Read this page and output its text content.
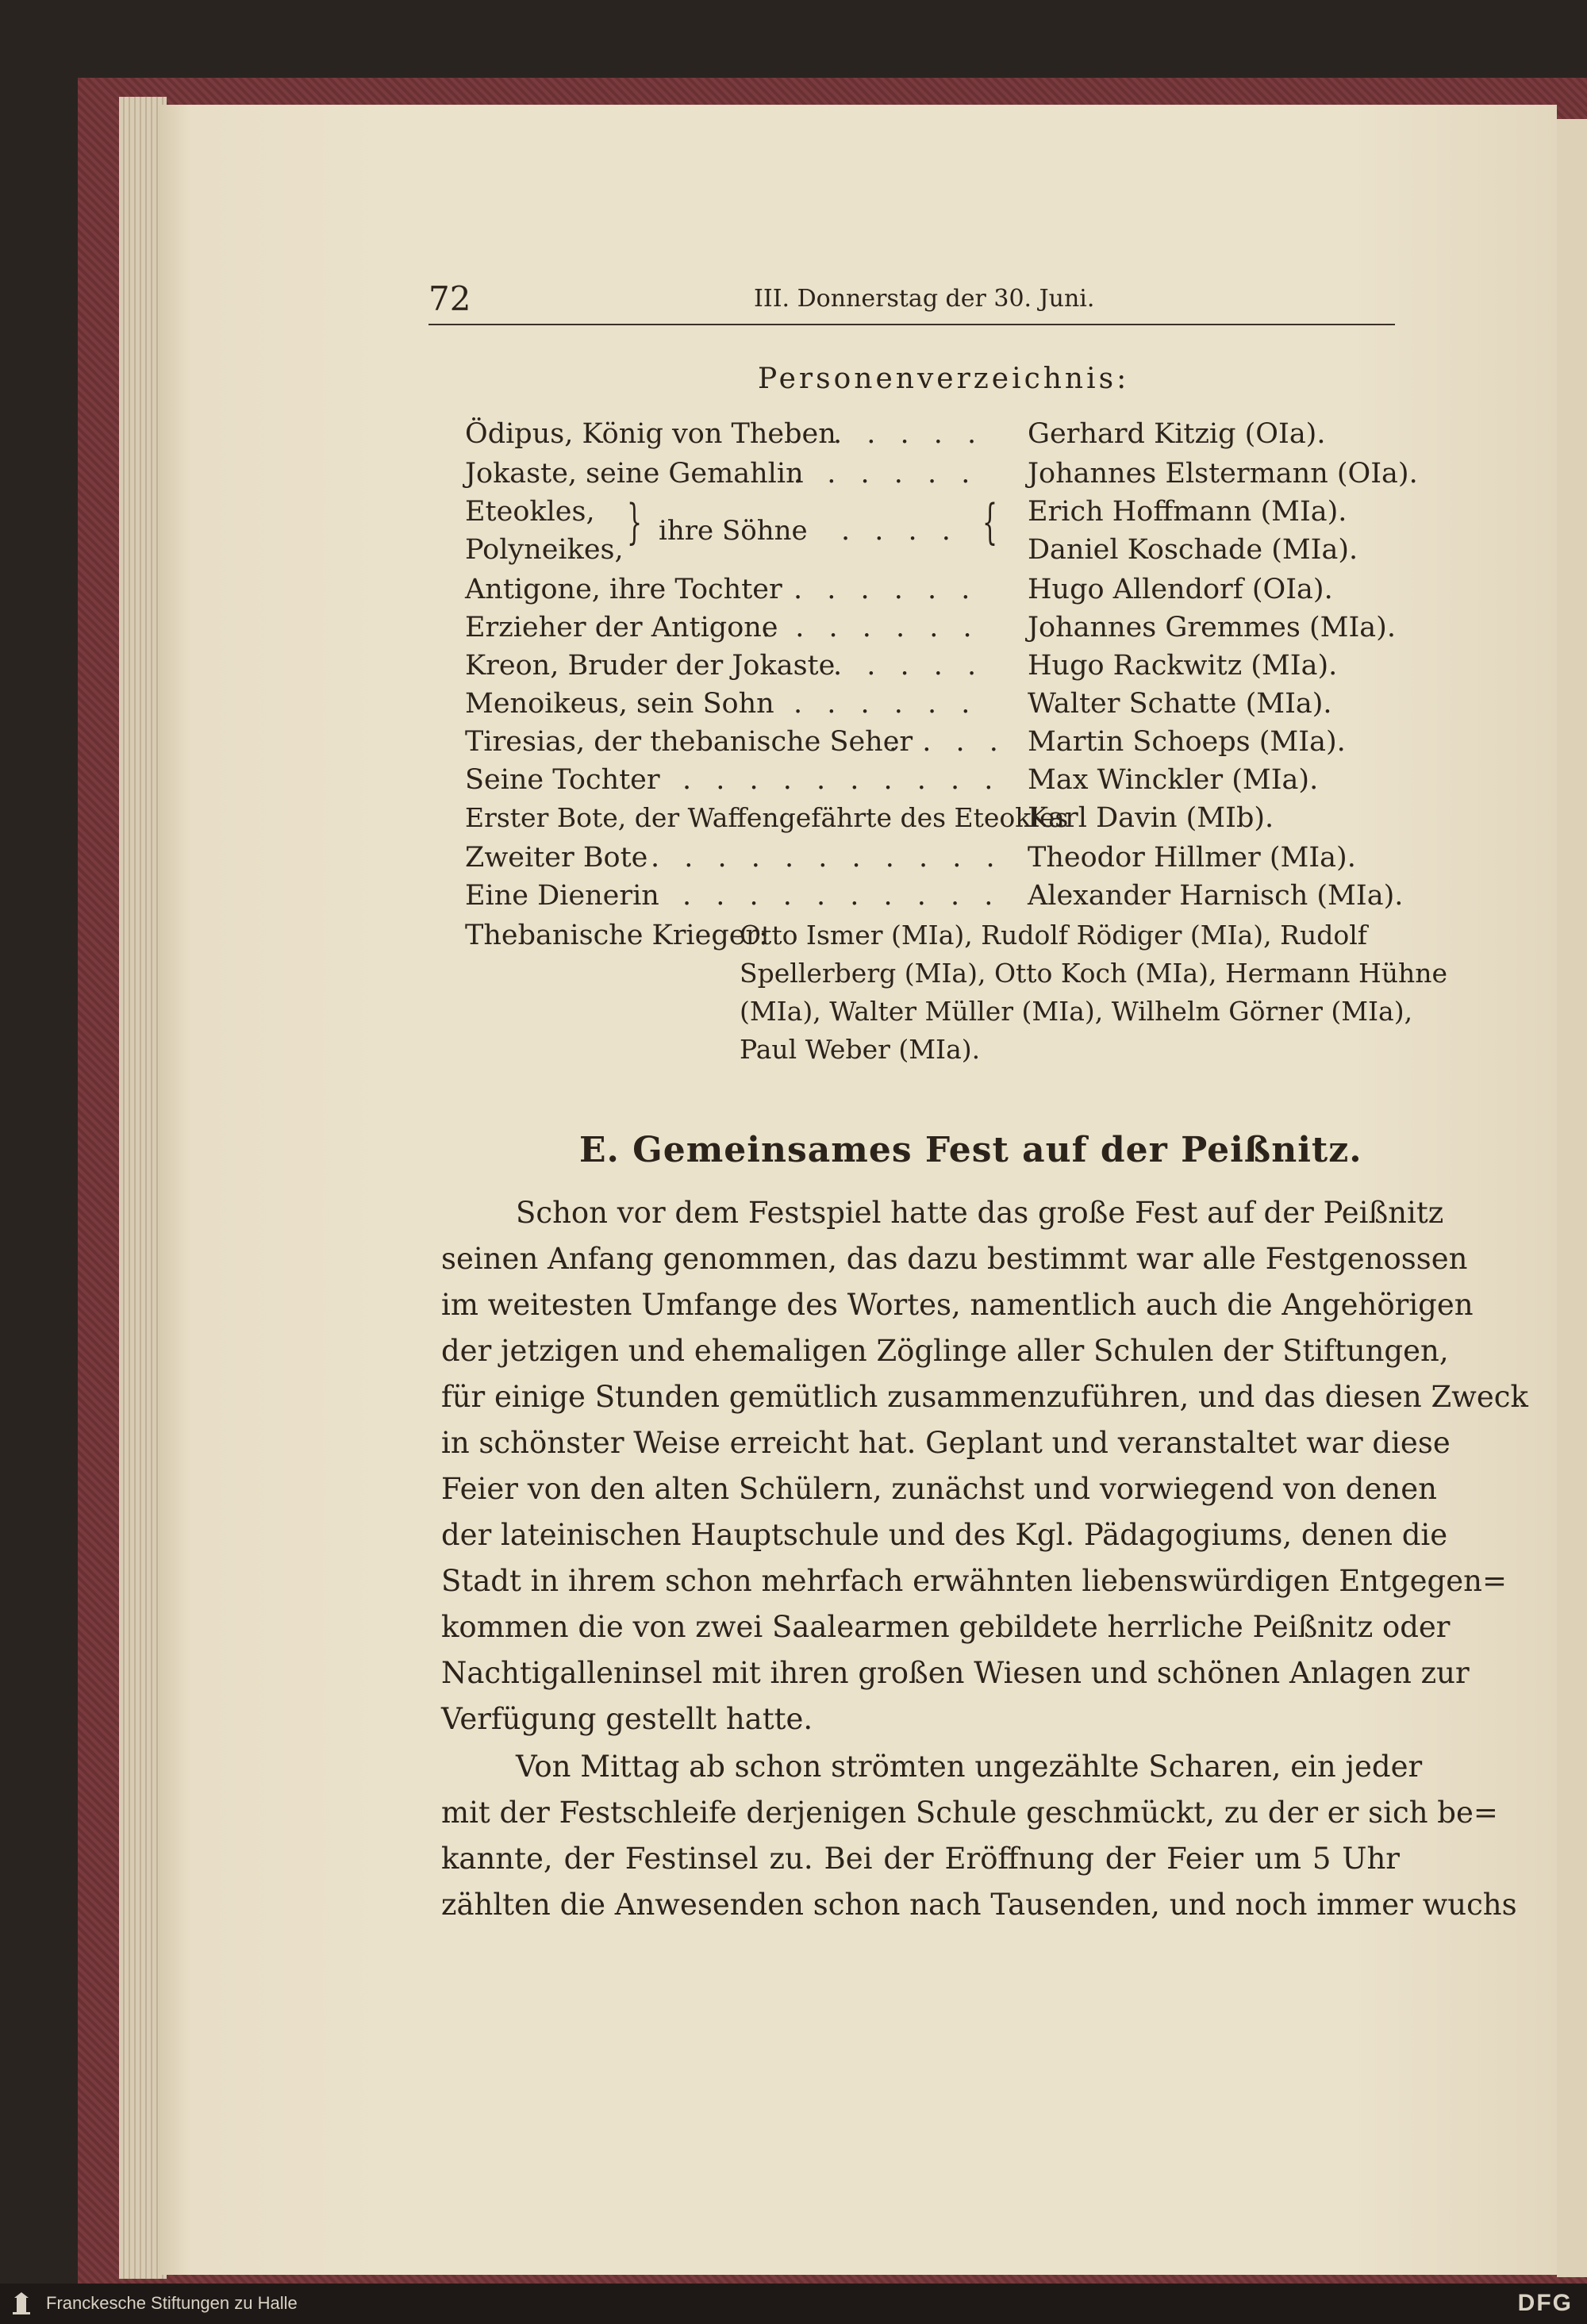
72	III. Donnerstag der 30. Juni.
Personenverzeichnis:
Ödipus, König von Theben
. . . . . Gerhard Kitzig (OIa).
Jokaste, seine Gemahlin
. . . . . . Johannes Elstermann (OIa).
Eteokles,
Polyneikes, } ihre Söhne . . . . { Erich Hoffmann (MIa).
Daniel Koschade (MIa).
Antigone, ihre Tochter . . . . . . Hugo Allendorf (OIa).
Erzieher der Antigone
. . . . . . . Johannes Gremmes (MIa).
Kreon, Bruder der Jokaste
. . . . . Hugo Rackwitz (MIa).
Menoikeus, sein Sohn . . . . . . Walter Schatte (MIa).
Tiresias, der thebanische Seher
. . . . Martin Schoeps (MIa).
Seine Tochter . . . . . . . . . . Max Winckler (MIa).
Erster Bote, der Waffengefährte des Eteokles
Karl Davin (MIb).
Zweiter Bote . . . . . . . . . . . Theodor Hillmer (MIa).
Eine Dienerin . . . . . . . . . . Alexander Harnisch (MIa).
Thebanische Krieger:
Otto Ismer (MIa), Rudolf Rödiger (MIa), Rudolf
Spellerberg (MIa), Otto Koch (MIa), Hermann Hühne
(MIa), Walter Müller (MIa), Wilhelm Görner (MIa),
Paul Weber (MIa).
E. Gemeinsames Fest auf der Peißnitz.
Schon vor dem Festspiel hatte das große Fest auf der Peißnitz
seinen Anfang genommen, das dazu bestimmt war alle Festgenossen
im weitesten Umfange des Wortes, namentlich auch die Angehörigen
der jetzigen und ehemaligen Zöglinge aller Schulen der Stiftungen,
für einige Stunden gemütlich zusammenzuführen, und das diesen Zweck
in schönster Weise erreicht hat. Geplant und veranstaltet war diese
Feier von den alten Schülern, zunächst und vorwiegend von denen
der lateinischen Hauptschule und des Kgl. Pädagogiums, denen die
Stadt in ihrem schon mehrfach erwähnten liebenswürdigen Entgegen=
kommen die von zwei Saalearmen gebildete herrliche Peißnitz oder
Nachtigalleninsel mit ihren großen Wiesen und schönen Anlagen zur
Verfügung gestellt hatte.
Von Mittag ab schon strömten ungezählte Scharen, ein jeder
mit der Festschleife derjenigen Schule geschmückt, zu der er sich be=
kannte, der Festinsel zu. Bei der Eröffnung der Feier um 5 Uhr
zählten die Anwesenden schon nach Tausenden, und noch immer wuchs
Franckesche Stiftungen zu Halle	DFG
